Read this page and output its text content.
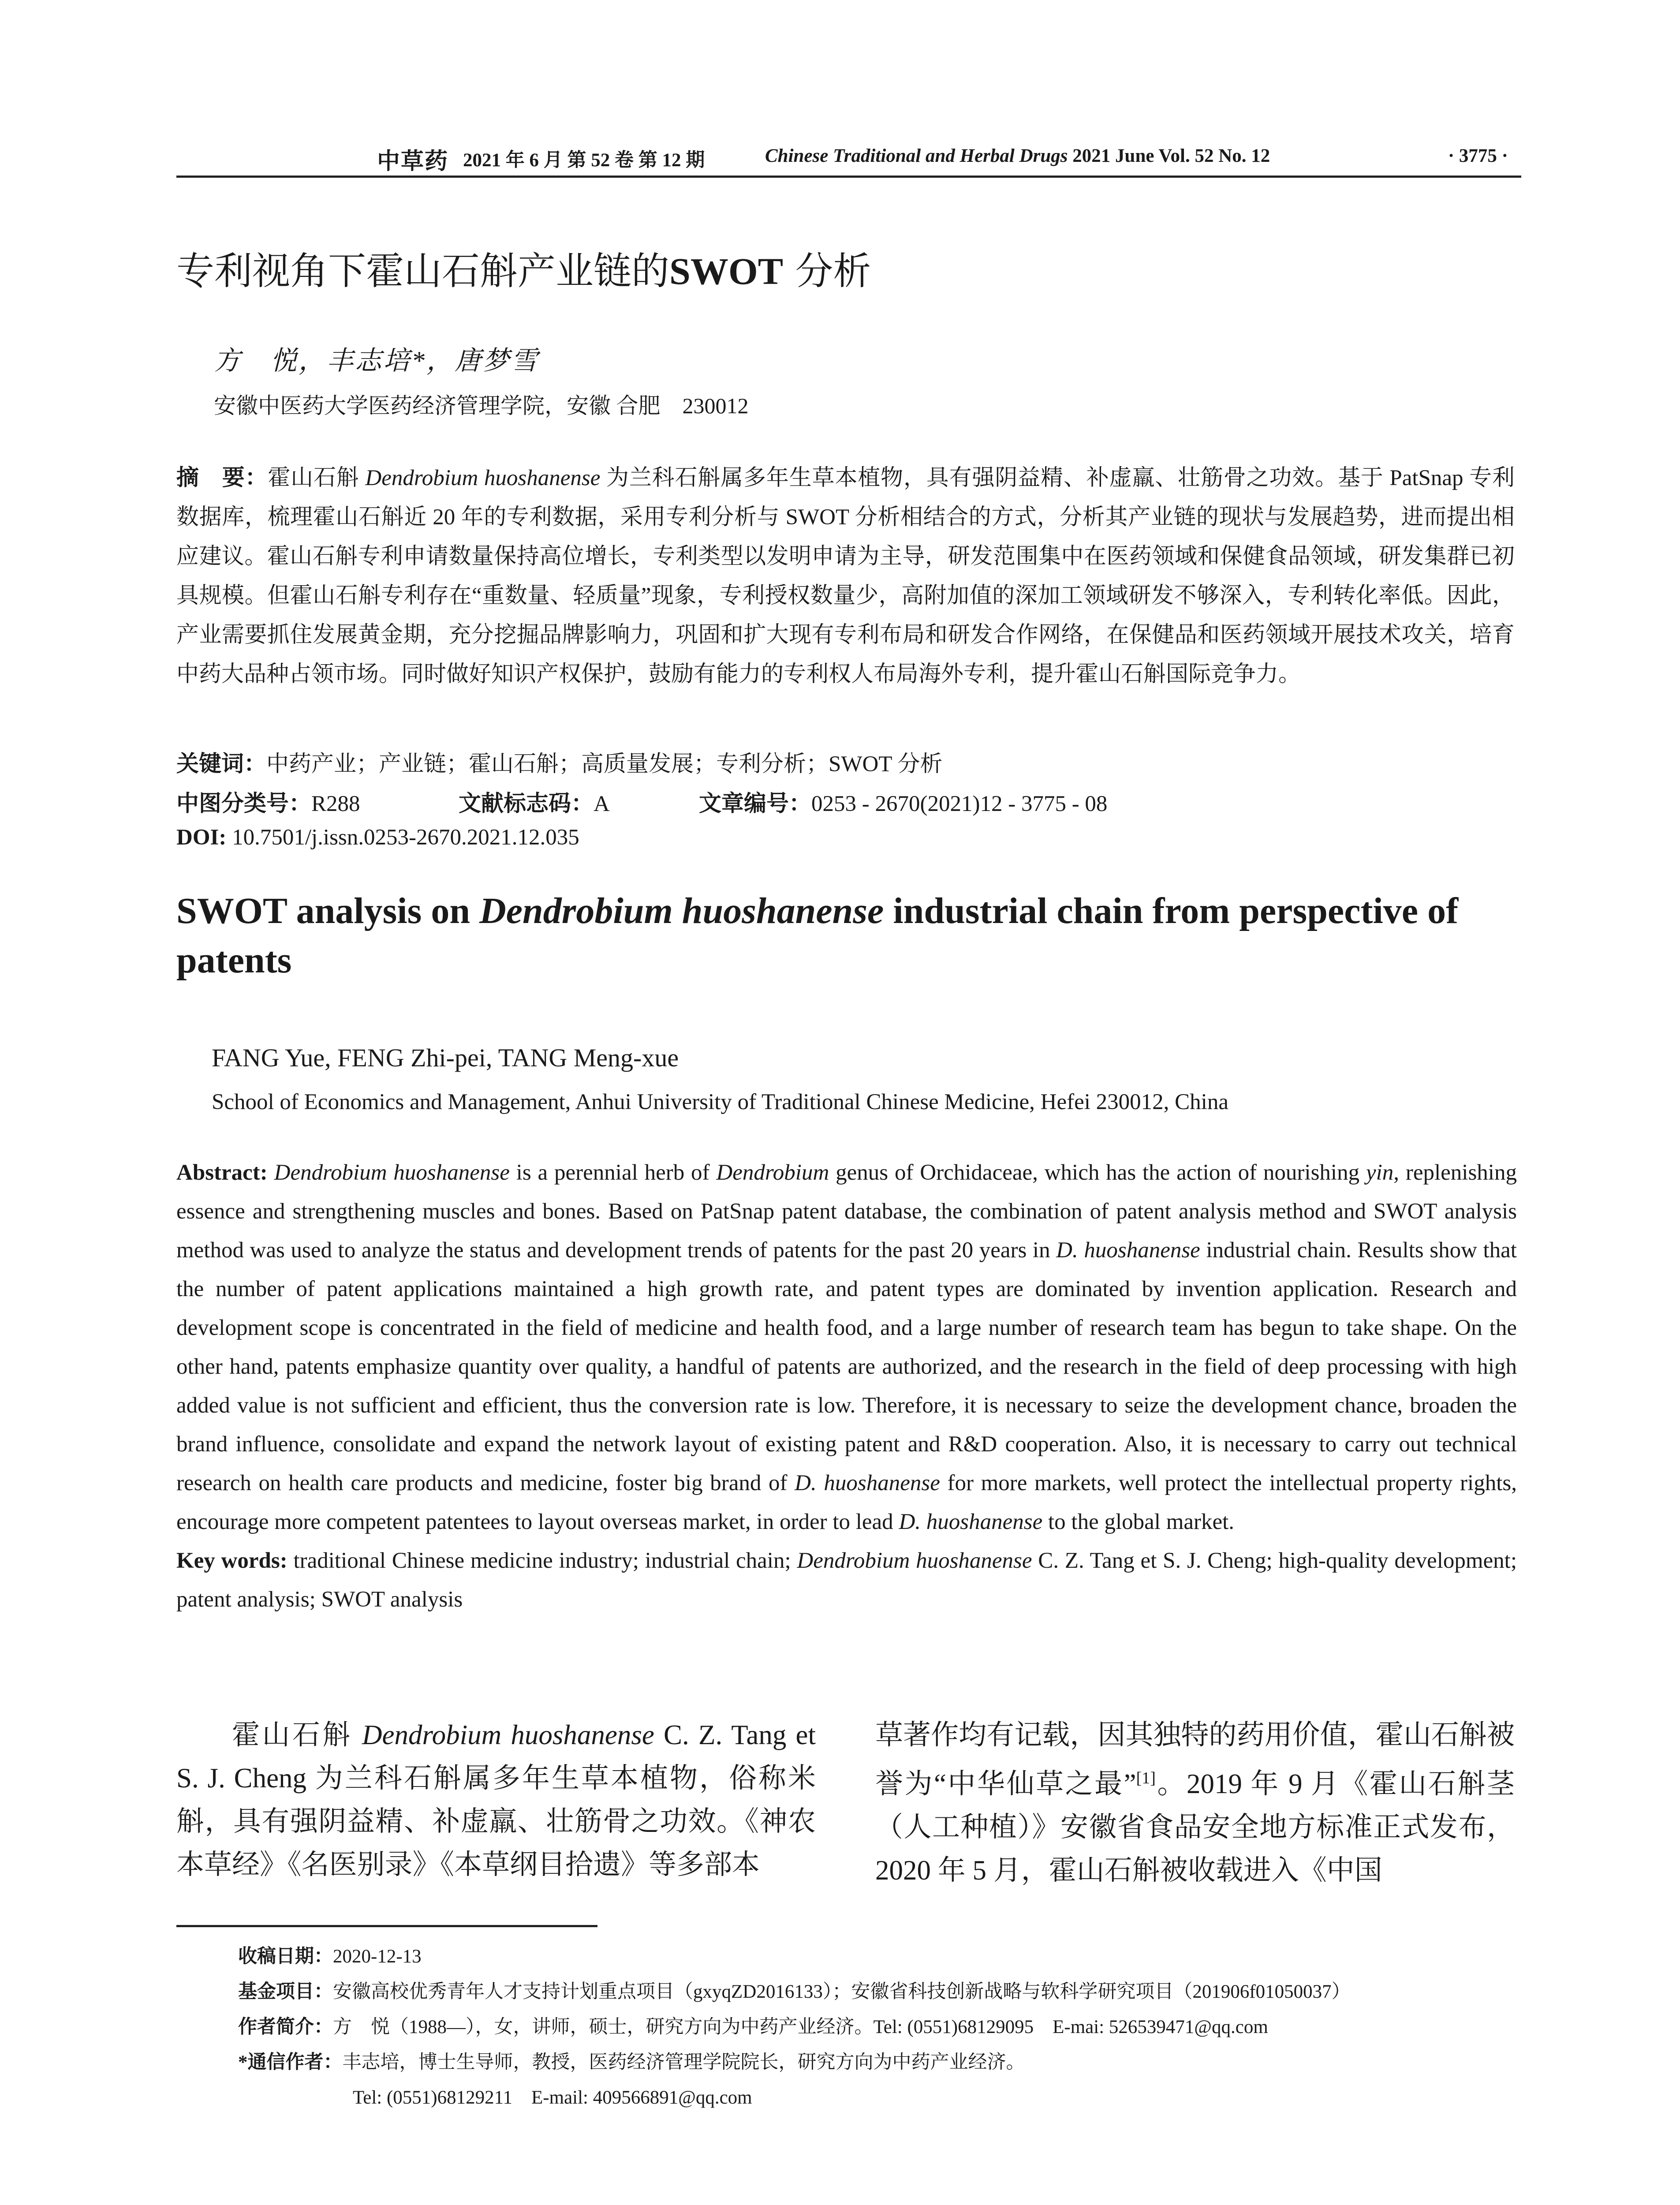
中草药 2021 年 6 月 第 52 卷 第 12 期	Chinese Traditional and Herbal Drugs 2021 June Vol. 52 No. 12	· 3775 ·
专利视角下霍山石斛产业链的SWOT 分析
方　悦，丰志培*，唐梦雪
安徽中医药大学医药经济管理学院，安徽 合肥　230012
摘　要：霍山石斛 Dendrobium huoshanense 为兰科石斛属多年生草本植物，具有强阴益精、补虚羸、壮筋骨之功效。基于 PatSnap 专利数据库，梳理霍山石斛近 20 年的专利数据，采用专利分析与 SWOT 分析相结合的方式，分析其产业链的现状与发展趋势，进而提出相应建议。霍山石斛专利申请数量保持高位增长，专利类型以发明申请为主导，研发范围集中在医药领域和保健食品领域，研发集群已初具规模。但霍山石斛专利存在“重数量、轻质量”现象，专利授权数量少，高附加值的深加工领域研发不够深入，专利转化率低。因此，产业需要抓住发展黄金期，充分挖掘品牌影响力，巩固和扩大现有专利布局和研发合作网络，在保健品和医药领域开展技术攻关，培育中药大品种占领市场。同时做好知识产权保护，鼓励有能力的专利权人布局海外专利，提升霍山石斛国际竞争力。
关键词：中药产业；产业链；霍山石斛；高质量发展；专利分析；SWOT 分析
中图分类号：R288	文献标志码：A	文章编号：0253 - 2670(2021)12 - 3775 - 08
DOI: 10.7501/j.issn.0253-2670.2021.12.035
SWOT analysis on Dendrobium huoshanense industrial chain from perspective of patents
FANG Yue, FENG Zhi-pei, TANG Meng-xue
School of Economics and Management, Anhui University of Traditional Chinese Medicine, Hefei 230012, China
Abstract: Dendrobium huoshanense is a perennial herb of Dendrobium genus of Orchidaceae, which has the action of nourishing yin, replenishing essence and strengthening muscles and bones. Based on PatSnap patent database, the combination of patent analysis method and SWOT analysis method was used to analyze the status and development trends of patents for the past 20 years in D. huoshanense industrial chain. Results show that the number of patent applications maintained a high growth rate, and patent types are dominated by invention application. Research and development scope is concentrated in the field of medicine and health food, and a large number of research team has begun to take shape. On the other hand, patents emphasize quantity over quality, a handful of patents are authorized, and the research in the field of deep processing with high added value is not sufficient and efficient, thus the conversion rate is low. Therefore, it is necessary to seize the development chance, broaden the brand influence, consolidate and expand the network layout of existing patent and R&D cooperation. Also, it is necessary to carry out technical research on health care products and medicine, foster big brand of D. huoshanense for more markets, well protect the intellectual property rights, encourage more competent patentees to layout overseas market, in order to lead D. huoshanense to the global market.
Key words: traditional Chinese medicine industry; industrial chain; Dendrobium huoshanense C. Z. Tang et S. J. Cheng; high-quality development; patent analysis; SWOT analysis
霍山石斛 Dendrobium huoshanense C. Z. Tang et S. J. Cheng 为兰科石斛属多年生草本植物，俗称米斛，具有强阴益精、补虚羸、壮筋骨之功效。《神农本草经》《名医别录》《本草纲目拾遗》等多部本
草著作均有记载，因其独特的药用价值，霍山石斛被誉为“中华仙草之最”[1]。2019 年 9 月《霍山石斛茎（人工种植）》安徽省食品安全地方标准正式发布，2020 年 5 月，霍山石斛被收载进入《中国
收稿日期：2020-12-13
基金项目：安徽高校优秀青年人才支持计划重点项目（gxyqZD2016133）；安徽省科技创新战略与软科学研究项目（201906f01050037）
作者简介：方　悦（1988—），女，讲师，硕士，研究方向为中药产业经济。Tel: (0551)68129095　E-mai: 526539471@qq.com
*通信作者：丰志培，博士生导师，教授，医药经济管理学院院长，研究方向为中药产业经济。
Tel: (0551)68129211　E-mail: 409566891@qq.com
